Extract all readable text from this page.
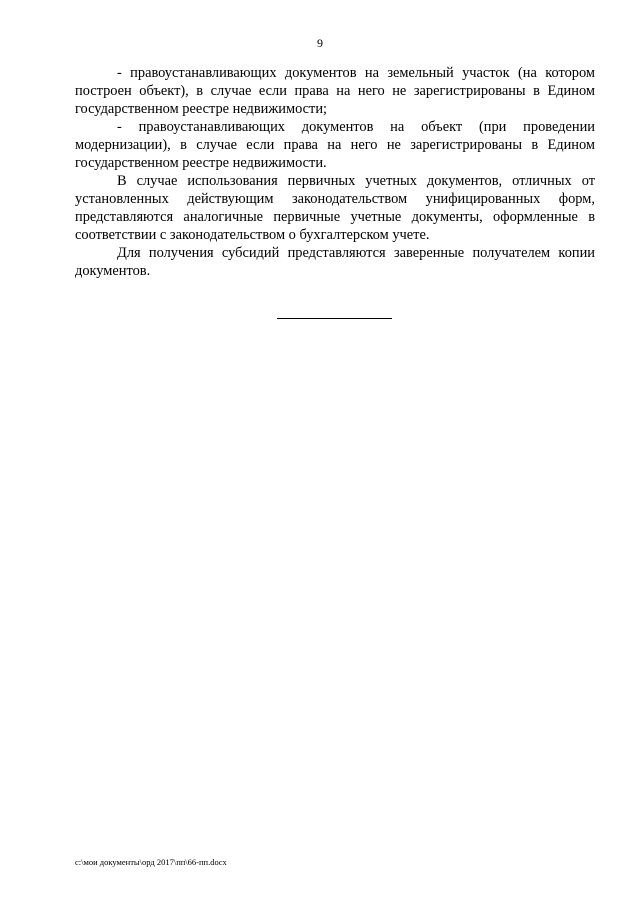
9

- правоустанавливающих документов на земельный участок (на котором построен объект), в случае если права на него не зарегистрированы в Едином государственном реестре недвижимости;

- правоустанавливающих документов на объект (при проведении модернизации), в случае если права на него не зарегистрированы в Едином государственном реестре недвижимости.

В случае использования первичных учетных документов, отличных от установленных действующим законодательством унифицированных форм, представляются аналогичные первичные учетные документы, оформленные в соответствии с законодательством о бухгалтерском учете.

Для получения субсидий представляются заверенные получателем копии документов.

c:\мои документы\орд 2017\пп\66-пп.docx
